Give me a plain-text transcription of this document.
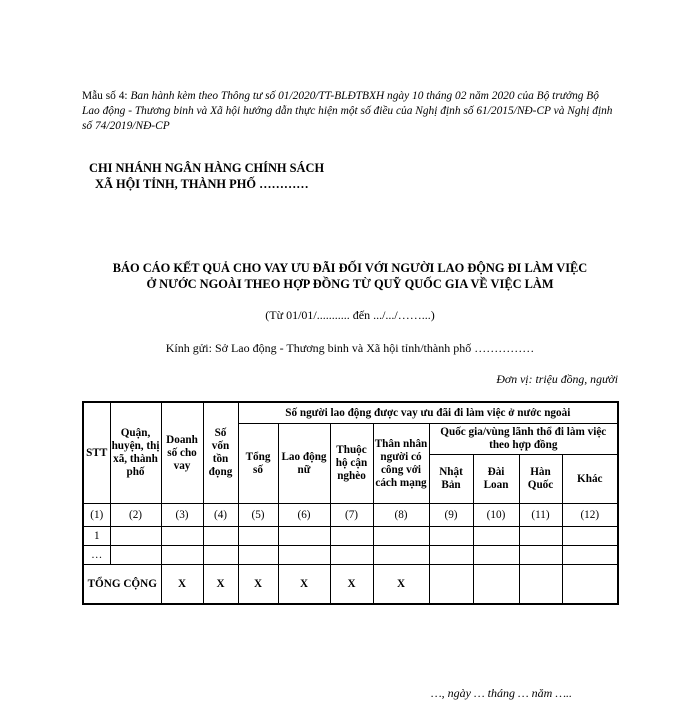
Mẫu số 4: Ban hành kèm theo Thông tư số 01/2020/TT-BLĐTBXH ngày 10 tháng 02 năm 2020 của Bộ trưởng Bộ Lao động - Thương binh và Xã hội hướng dẫn thực hiện một số điều của Nghị định số 61/2015/NĐ-CP và Nghị định số 74/2019/NĐ-CP
CHI NHÁNH NGÂN HÀNG CHÍNH SÁCH
XÃ HỘI TỈNH, THÀNH PHỐ …………
BÁO CÁO KẾT QUẢ CHO VAY ƯU ĐÃI ĐỐI VỚI NGƯỜI LAO ĐỘNG ĐI LÀM VIỆC
Ở NƯỚC NGOÀI THEO HỢP ĐỒNG TỪ QUỸ QUỐC GIA VỀ VIỆC LÀM
(Từ 01/01/........... đến .../.../……...)
Kính gửi: Sở Lao động - Thương binh và Xã hội tỉnh/thành phố ……………
Đơn vị: triệu đồng, người
STT	Quận, huyện, thị xã, thành phố	Doanh số cho vay	Số vốn tồn đọng	Số người lao động được vay ưu đãi đi làm việc ở nước ngoài							
				Tổng số	Lao động nữ	Thuộc hộ cận nghèo	Thân nhân người có công với cách mạng	Quốc gia/vùng lãnh thổ đi làm việc theo hợp đồng			
								Nhật Bản	Đài Loan	Hàn Quốc	Khác
(1)	(2)	(3)	(4)	(5)	(6)	(7)	(8)	(9)	(10)	(11)	(12)
1											
…											
TỔNG CỘNG		X	X	X	X	X	X				
…, ngày … tháng … năm …..
